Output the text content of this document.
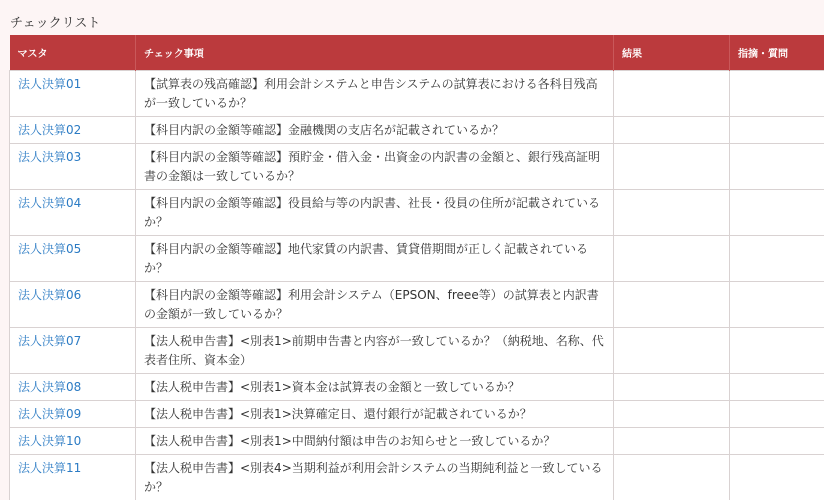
チェックリスト
マスタ	チェック事項	結果	指摘・質問
法人決算01	【試算表の残高確認】利用会計システムと申告システムの試算表における各科目残高が一致しているか？		
法人決算02	【科目内訳の金額等確認】金融機関の支店名が記載されているか？		
法人決算03	【科目内訳の金額等確認】預貯金・借入金・出資金の内訳書の金額と、銀行残高証明書の金額は一致しているか？		
法人決算04	【科目内訳の金額等確認】役員給与等の内訳書、社長・役員の住所が記載されているか？		
法人決算05	【科目内訳の金額等確認】地代家賃の内訳書、賃貸借期間が正しく記載されているか？		
法人決算06	【科目内訳の金額等確認】利用会計システム（EPSON、freee等）の試算表と内訳書の金額が一致しているか？		
法人決算07	【法人税申告書】<別表1>前期申告書と内容が一致しているか？（納税地、名称、代表者住所、資本金）		
法人決算08	【法人税申告書】<別表1>資本金は試算表の金額と一致しているか？		
法人決算09	【法人税申告書】<別表1>決算確定日、還付銀行が記載されているか？		
法人決算10	【法人税申告書】<別表1>中間納付額は申告のお知らせと一致しているか？		
法人決算11	【法人税申告書】<別表4>当期利益が利用会計システムの当期純利益と一致しているか？		
